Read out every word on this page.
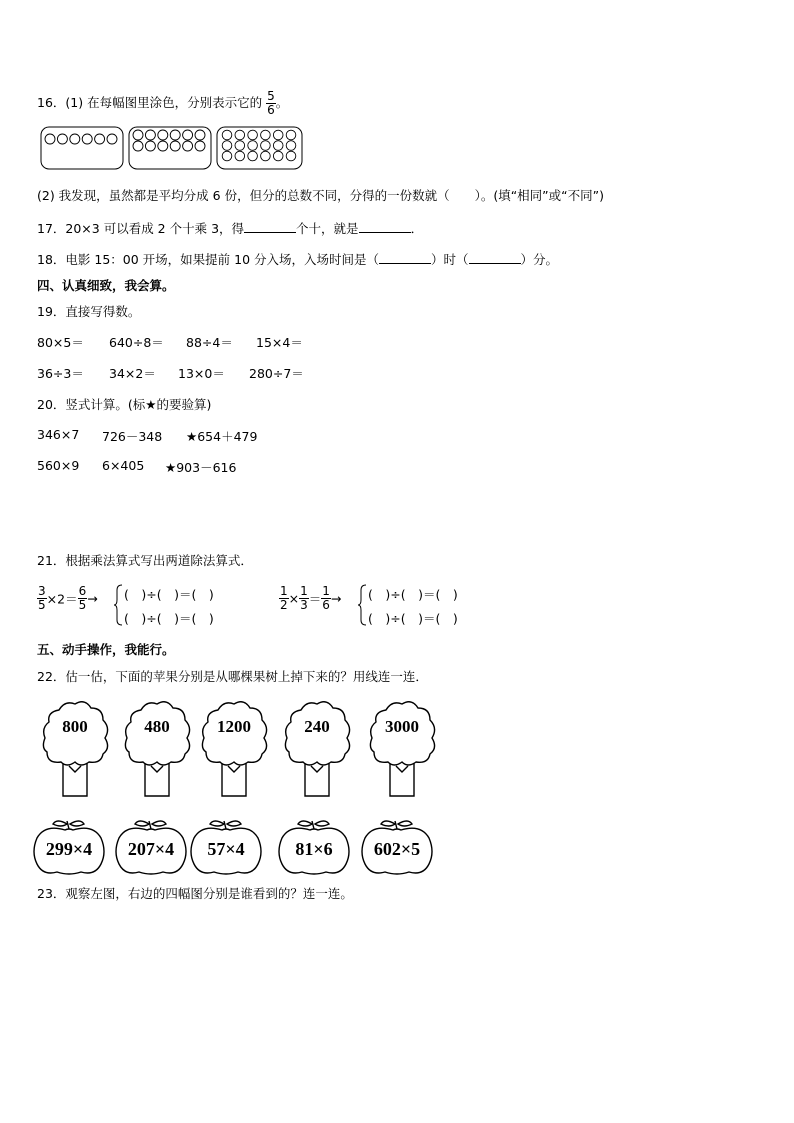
16．(1) 在每幅图里涂色，分别表示它的 $\frac{5}{6}$ 。
(2) 我发现，虽然都是平均分成 6 份，但分的总数不同，分得的一份数就（　　）。(填“相同”或“不同”)
17．20×3 可以看成 2 个十乘 3，得	个十，就是	．
18．电影 15：00 开场，如果提前 10 分入场，入场时间是（	）时（	）分。
四、认真细致，我会算。
19．直接写得数。
80×5＝ 640÷8＝ 88÷4＝ 15×4＝
36÷3＝ 34×2＝ 13×0＝ 280÷7＝
20．竖式计算。(标★的要验算)
346×7 726－348 ★654＋479
560×9 6×405 ★903－616
21．根据乘法算式写出两道除法算式．
$\frac{3}{5} \times 2= \frac{6}{5}$ → (　)÷(　)＝(　)
(　)÷(　)＝(　)
$\frac{1}{2} \times \frac{1}{3} = \frac{1}{6}$ → (　)÷(　)＝(　)
(　)÷(　)＝(　)
五、动手操作，我能行。
22．估一估，下面的苹果分别是从哪棵果树上掉下来的？用线连一连．
800	480	1200	240	3000
299×4 207×4 57×4	81×6 602×5
23．观察左图，右边的四幅图分别是谁看到的？连一连。
